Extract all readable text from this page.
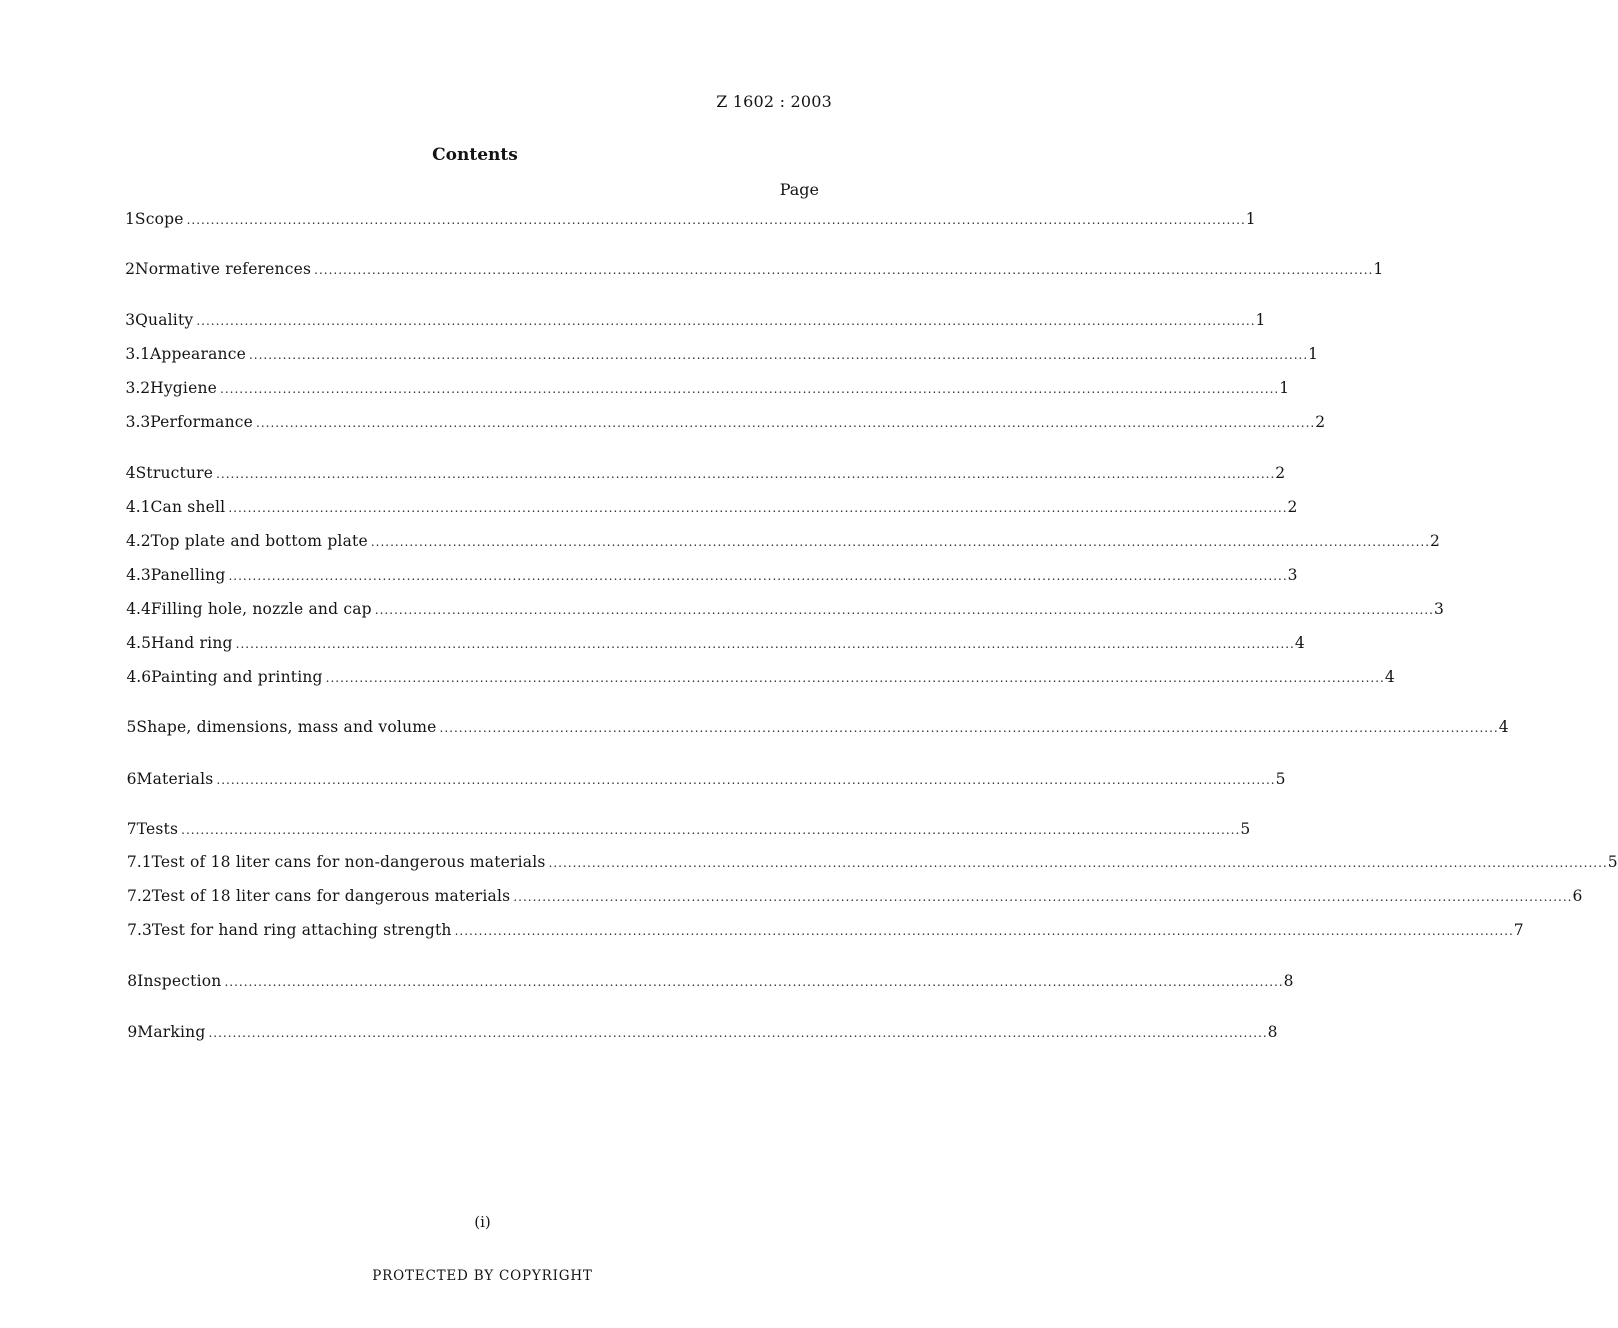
Z 1602 : 2003
Contents
Page
1 Scope ............................................................................................................................................................................................................................ 1
2 Normative references ............................................................................................................................................................................................................................ 1
3 Quality ............................................................................................................................................................................................................................ 1
3.1 Appearance ............................................................................................................................................................................................................................ 1
3.2 Hygiene ............................................................................................................................................................................................................................ 1
3.3 Performance ............................................................................................................................................................................................................................ 2
4 Structure ............................................................................................................................................................................................................................ 2
4.1 Can shell ............................................................................................................................................................................................................................ 2
4.2 Top plate and bottom plate ............................................................................................................................................................................................................................ 2
4.3 Panelling ............................................................................................................................................................................................................................ 3
4.4 Filling hole, nozzle and cap ............................................................................................................................................................................................................................ 3
4.5 Hand ring ............................................................................................................................................................................................................................ 4
4.6 Painting and printing ............................................................................................................................................................................................................................ 4
5 Shape, dimensions, mass and volume ............................................................................................................................................................................................................................ 4
6 Materials ............................................................................................................................................................................................................................ 5
7 Tests ............................................................................................................................................................................................................................ 5
7.1 Test of 18 liter cans for non-dangerous materials ............................................................................................................................................................................................................................ 5
7.2 Test of 18 liter cans for dangerous materials ............................................................................................................................................................................................................................ 6
7.3 Test for hand ring attaching strength ............................................................................................................................................................................................................................ 7
8 Inspection ............................................................................................................................................................................................................................ 8
9 Marking ............................................................................................................................................................................................................................ 8
(i)
PROTECTED BY COPYRIGHT
